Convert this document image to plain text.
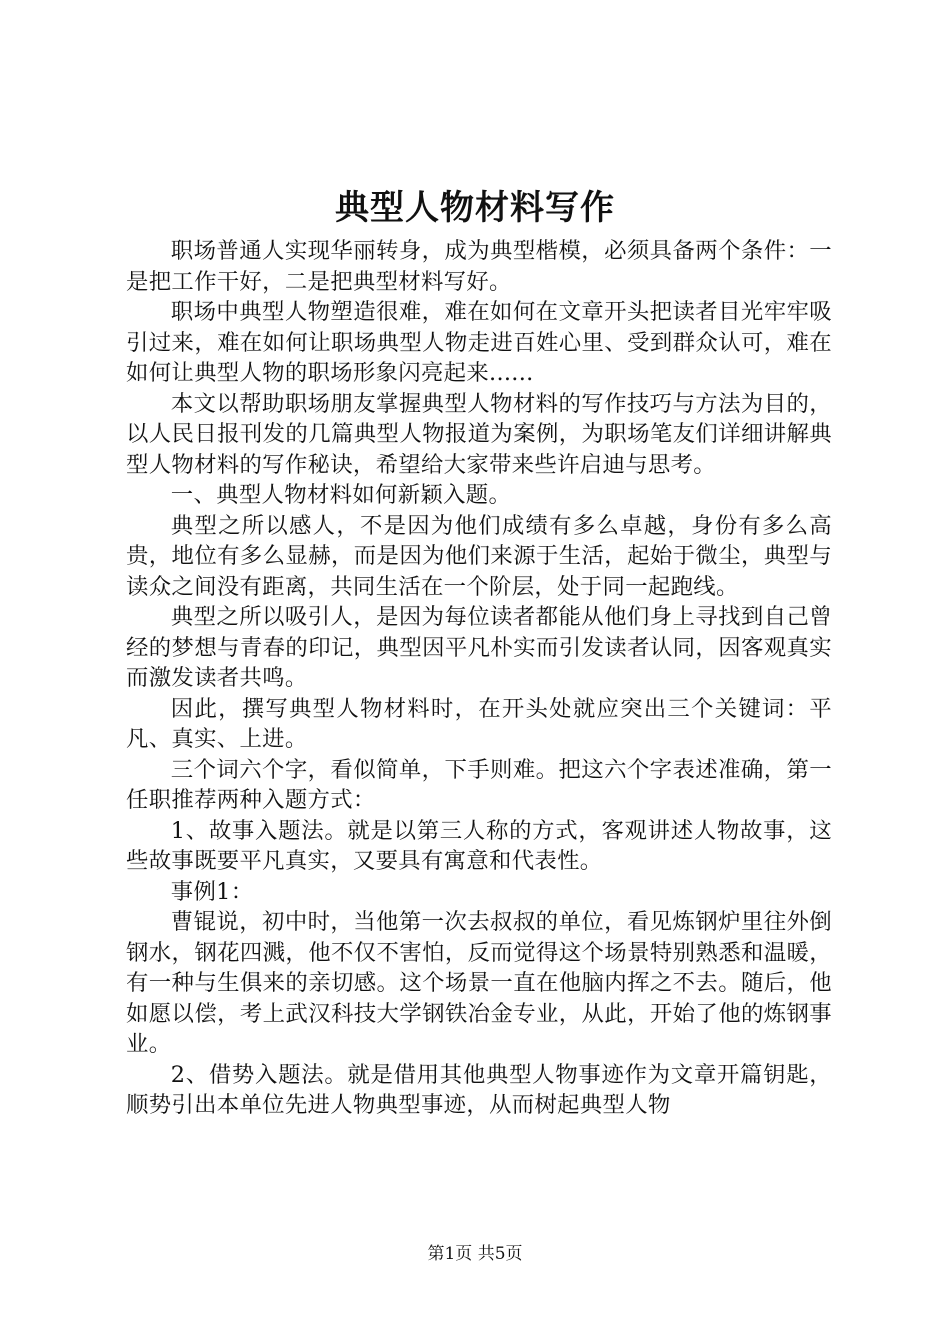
典型人物材料写作

职场普通人实现华丽转身，成为典型楷模，必须具备两个条件：一是把工作干好，二是把典型材料写好。

职场中典型人物塑造很难，难在如何在文章开头把读者目光牢牢吸引过来，难在如何让职场典型人物走进百姓心里、受到群众认可，难在如何让典型人物的职场形象闪亮起来......

本文以帮助职场朋友掌握典型人物材料的写作技巧与方法为目的，以人民日报刊发的几篇典型人物报道为案例，为职场笔友们详细讲解典型人物材料的写作秘诀，希望给大家带来些许启迪与思考。

一、典型人物材料如何新颖入题。

典型之所以感人，不是因为他们成绩有多么卓越，身份有多么高贵，地位有多么显赫，而是因为他们来源于生活，起始于微尘，典型与读众之间没有距离，共同生活在一个阶层，处于同一起跑线。

典型之所以吸引人，是因为每位读者都能从他们身上寻找到自己曾经的梦想与青春的印记，典型因平凡朴实而引发读者认同，因客观真实而激发读者共鸣。

因此，撰写典型人物材料时，在开头处就应突出三个关键词：平凡、真实、上进。

三个词六个字，看似简单，下手则难。把这六个字表述准确，第一任职推荐两种入题方式：

1、故事入题法。就是以第三人称的方式，客观讲述人物故事，这些故事既要平凡真实，又要具有寓意和代表性。

事例1：

曹锟说，初中时，当他第一次去叔叔的单位，看见炼钢炉里往外倒钢水，钢花四溅，他不仅不害怕，反而觉得这个场景特别熟悉和温暖，有一种与生俱来的亲切感。这个场景一直在他脑内挥之不去。随后，他如愿以偿，考上武汉科技大学钢铁冶金专业，从此，开始了他的炼钢事业。

2、借势入题法。就是借用其他典型人物事迹作为文章开篇钥匙，顺势引出本单位先进人物典型事迹，从而树起典型人物

第1页 共5页
